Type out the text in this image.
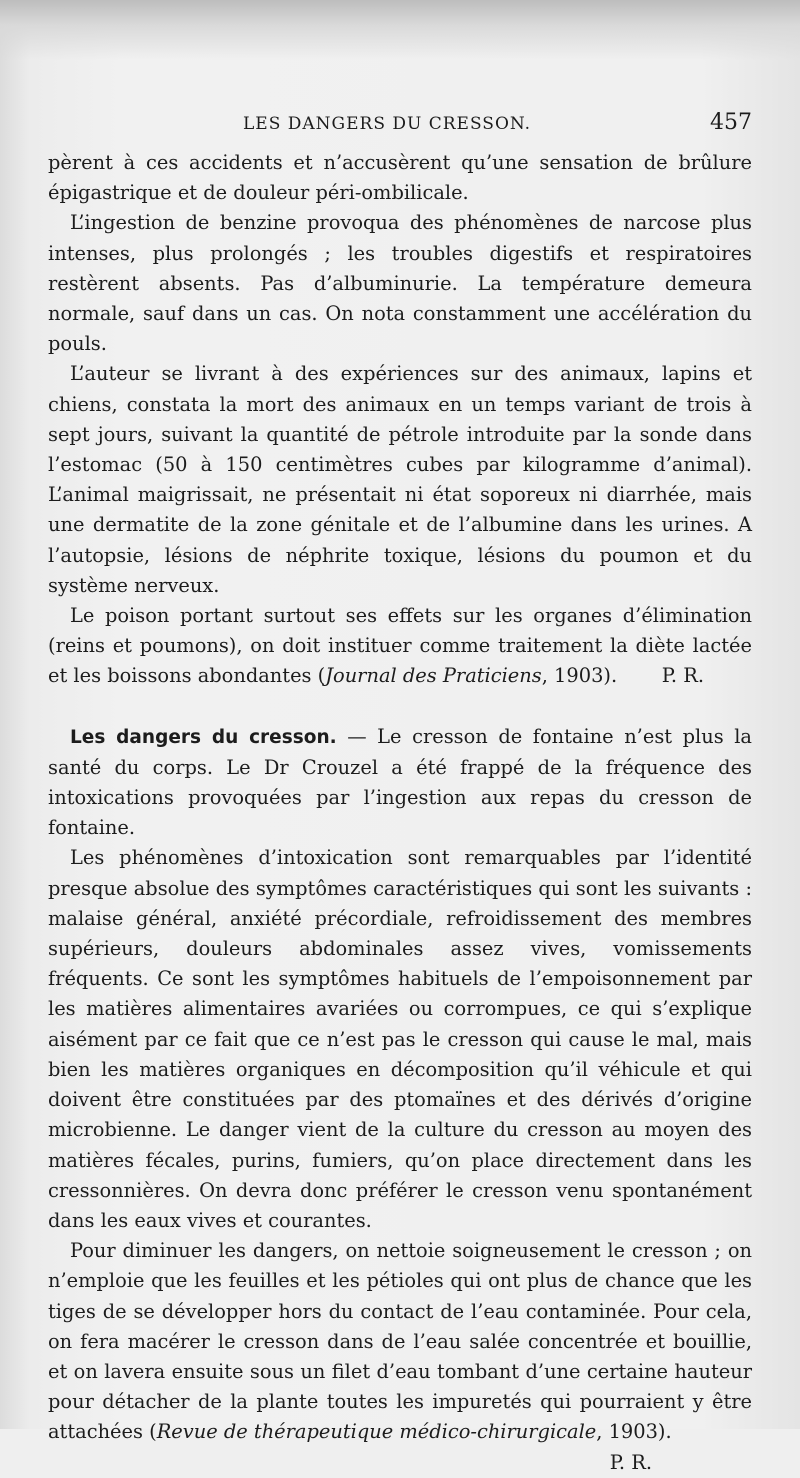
LES DANGERS DU CRESSON.	457

pèrent à ces accidents et n’accusèrent qu’une sensation de brûlure épigastrique et de douleur péri-ombilicale.

L’ingestion de benzine provoqua des phénomènes de narcose plus intenses, plus prolongés ; les troubles digestifs et respiratoires restèrent absents. Pas d’albuminurie. La température demeura normale, sauf dans un cas. On nota constamment une accélération du pouls.

L’auteur se livrant à des expériences sur des animaux, lapins et chiens, constata la mort des animaux en un temps variant de trois à sept jours, suivant la quantité de pétrole introduite par la sonde dans l’estomac (50 à 150 centimètres cubes par kilogramme d’animal). L’animal maigrissait, ne présentait ni état soporeux ni diarrhée, mais une dermatite de la zone génitale et de l’albumine dans les urines. A l’autopsie, lésions de néphrite toxique, lésions du poumon et du système nerveux.

Le poison portant surtout ses effets sur les organes d’élimination (reins et poumons), on doit instituer comme traitement la diète lactée et les boissons abondantes (Journal des Praticiens, 1903).	P. R.

Les dangers du cresson. — Le cresson de fontaine n’est plus la santé du corps. Le Dr Crouzel a été frappé de la fréquence des intoxications provoquées par l’ingestion aux repas du cresson de fontaine.

Les phénomènes d’intoxication sont remarquables par l’identité presque absolue des symptômes caractéristiques qui sont les suivants : malaise général, anxiété précordiale, refroidissement des membres supérieurs, douleurs abdominales assez vives, vomissements fréquents. Ce sont les symptômes habituels de l’empoisonnement par les matières alimentaires avariées ou corrompues, ce qui s’explique aisément par ce fait que ce n’est pas le cresson qui cause le mal, mais bien les matières organiques en décomposition qu’il véhicule et qui doivent être constituées par des ptomaïnes et des dérivés d’origine microbienne. Le danger vient de la culture du cresson au moyen des matières fécales, purins, fumiers, qu’on place directement dans les cressonnières. On devra donc préférer le cresson venu spontanément dans les eaux vives et courantes.

Pour diminuer les dangers, on nettoie soigneusement le cresson ; on n’emploie que les feuilles et les pétioles qui ont plus de chance que les tiges de se développer hors du contact de l’eau contaminée. Pour cela, on fera macérer le cresson dans de l’eau salée concentrée et bouillie, et on lavera ensuite sous un filet d’eau tombant d’une certaine hauteur pour détacher de la plante toutes les impuretés qui pourraient y être attachées (Revue de thérapeutique médico-chirurgicale, 1903).
P. R.
